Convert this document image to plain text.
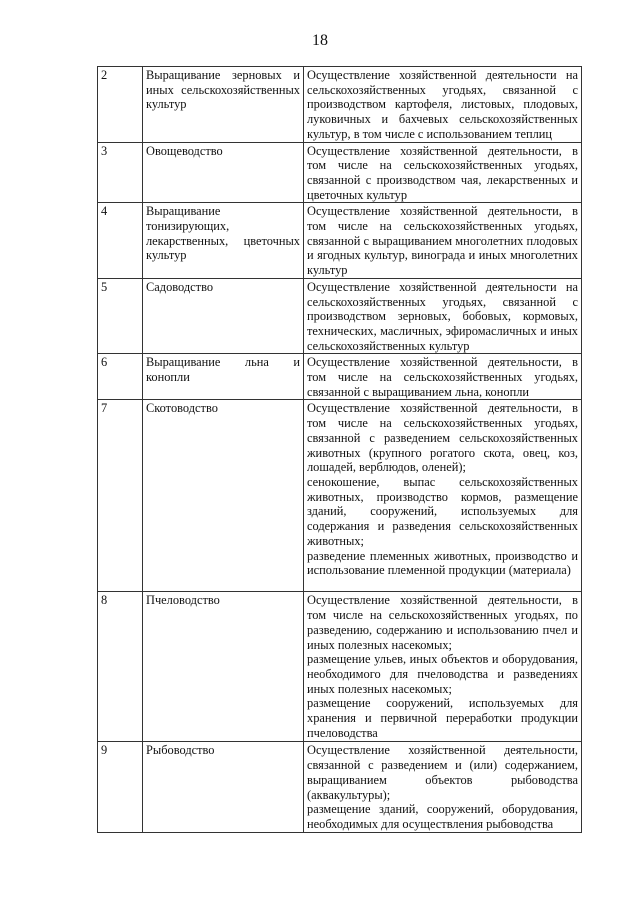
18
2	Выращивание зерновых и иных сельскохозяйственных культур	Осуществление хозяйственной деятельности на сельскохозяйственных угодьях, связанной с производством картофеля, листовых, плодовых, луковичных и бахчевых сельскохозяйственных культур, в том числе с использованием теплиц

3	Овощеводство	Осуществление хозяйственной деятельности, в том числе на сельскохозяйственных угодьях, связанной с производством чая, лекарственных и цветочных культур

4	Выращивание тонизирующих, лекарственных, цветочных культур	Осуществление хозяйственной деятельности, в том числе на сельскохозяйственных угодьях, связанной с выращиванием многолетних плодовых и ягодных культур, винограда и иных многолетних культур

5	Садоводство	Осуществление хозяйственной деятельности на сельскохозяйственных угодьях, связанной с производством зерновых, бобовых, кормовых, технических, масличных, эфиромасличных и иных сельскохозяйственных культур

6	Выращивание льна и конопли	Осуществление хозяйственной деятельности, в том числе на сельскохозяйственных угодьях, связанной с выращиванием льна, конопли

7	Скотоводство	Осуществление хозяйственной деятельности, в том числе на сельскохозяйственных угодьях, связанной с разведением сельскохозяйственных животных (крупного рогатого скота, овец, коз, лошадей, верблюдов, оленей);
сенокошение, выпас сельскохозяйственных животных, производство кормов, размещение зданий, сооружений, используемых для содержания и разведения сельскохозяйственных животных;
разведение племенных животных, производство и использование племенной продукции (материала)

8	Пчеловодство	Осуществление хозяйственной деятельности, в том числе на сельскохозяйственных угодьях, по разведению, содержанию и использованию пчел и иных полезных насекомых;
размещение ульев, иных объектов и оборудования, необходимого для пчеловодства и разведениях иных полезных насекомых;
размещение сооружений, используемых для хранения и первичной переработки продукции пчеловодства

9	Рыбоводство	Осуществление хозяйственной деятельности, связанной с разведением и (или) содержанием, выращиванием объектов рыбоводства (аквакультуры);
размещение зданий, сооружений, оборудования, необходимых для осуществления рыбоводства
